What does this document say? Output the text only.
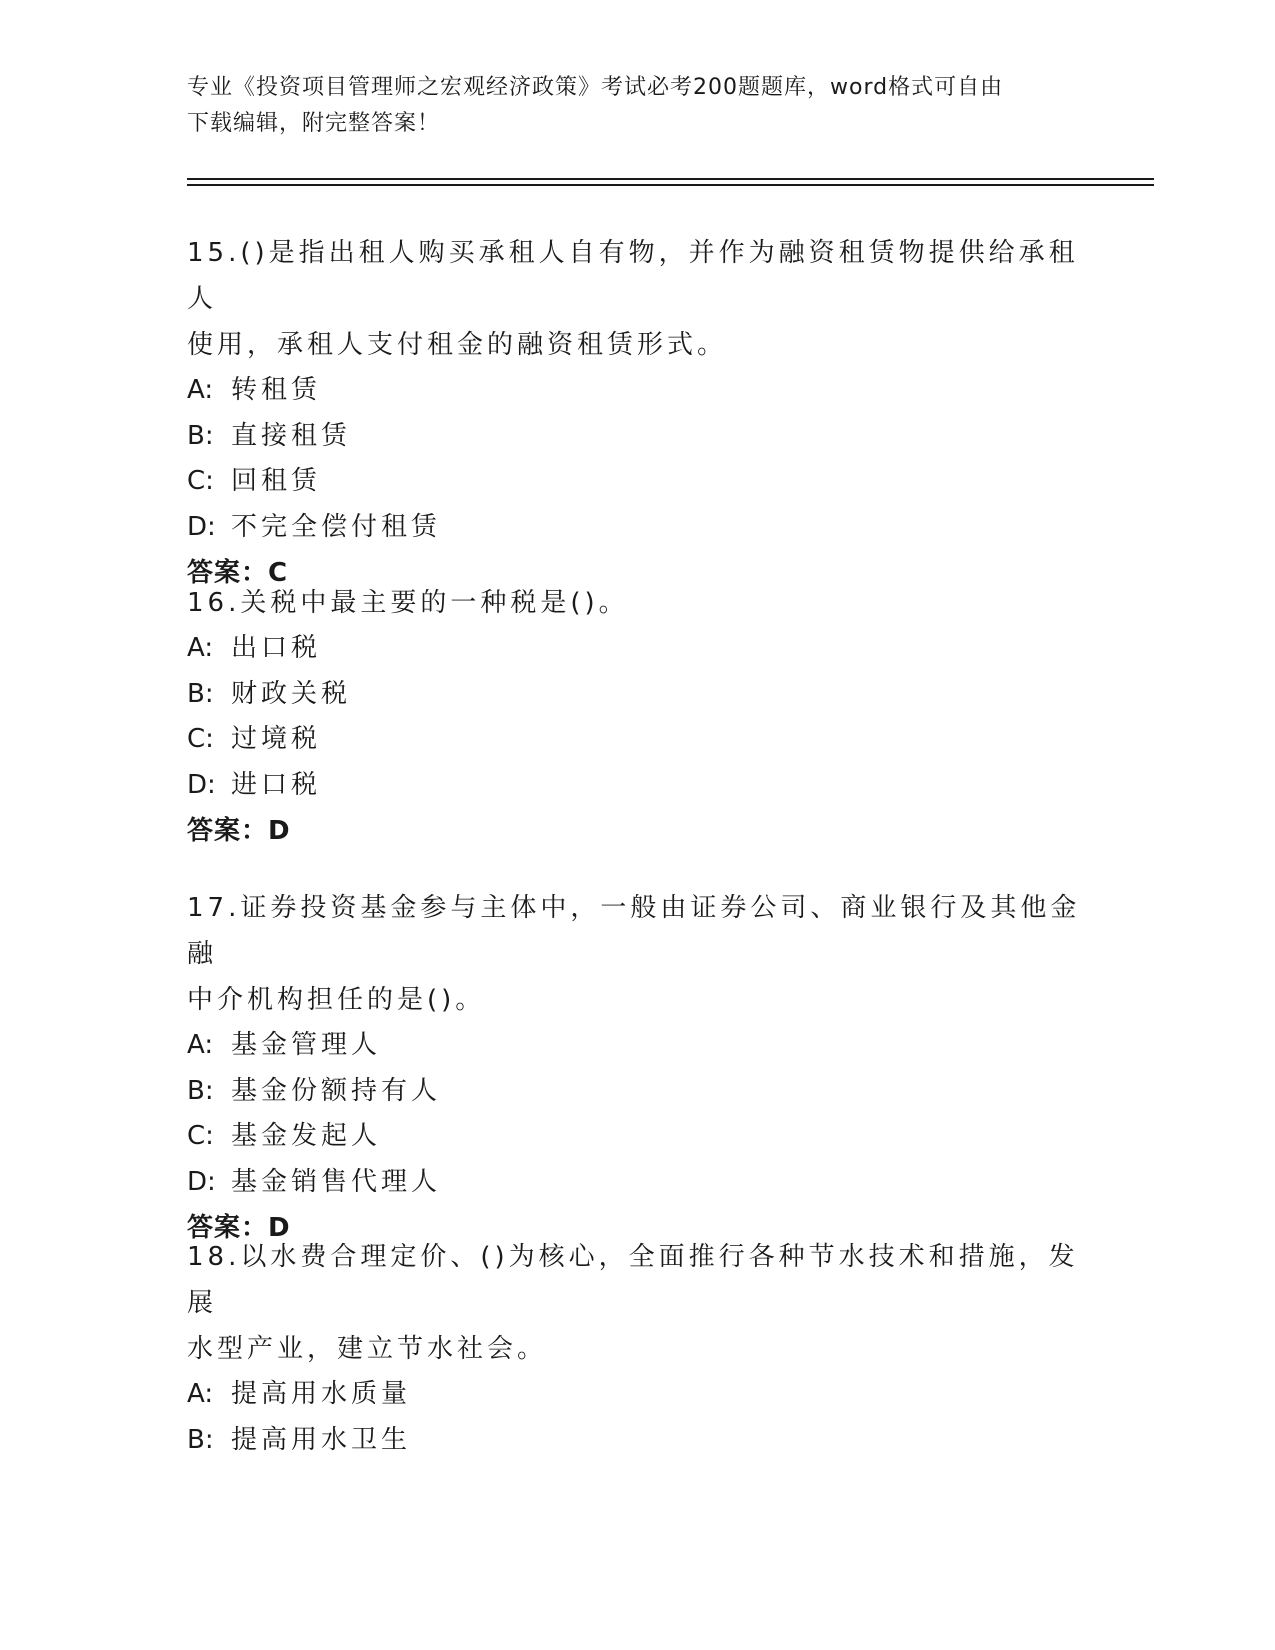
专业《投资项目管理师之宏观经济政策》考试必考200题题库，word格式可自由
下载编辑，附完整答案！
15.()是指出租人购买承租人自有物，并作为融资租赁物提供给承租人
使用，承租人支付租金的融资租赁形式。
A: 转租赁
B: 直接租赁
C: 回租赁
D: 不完全偿付租赁
答案：C
16.关税中最主要的一种税是()。
A: 出口税
B: 财政关税
C: 过境税
D: 进口税
答案：D
17.证券投资基金参与主体中，一般由证券公司、商业银行及其他金融
中介机构担任的是()。
A: 基金管理人
B: 基金份额持有人
C: 基金发起人
D: 基金销售代理人
答案：D
18.以水费合理定价、()为核心，全面推行各种节水技术和措施，发展
水型产业，建立节水社会。
A: 提高用水质量
B: 提高用水卫生
